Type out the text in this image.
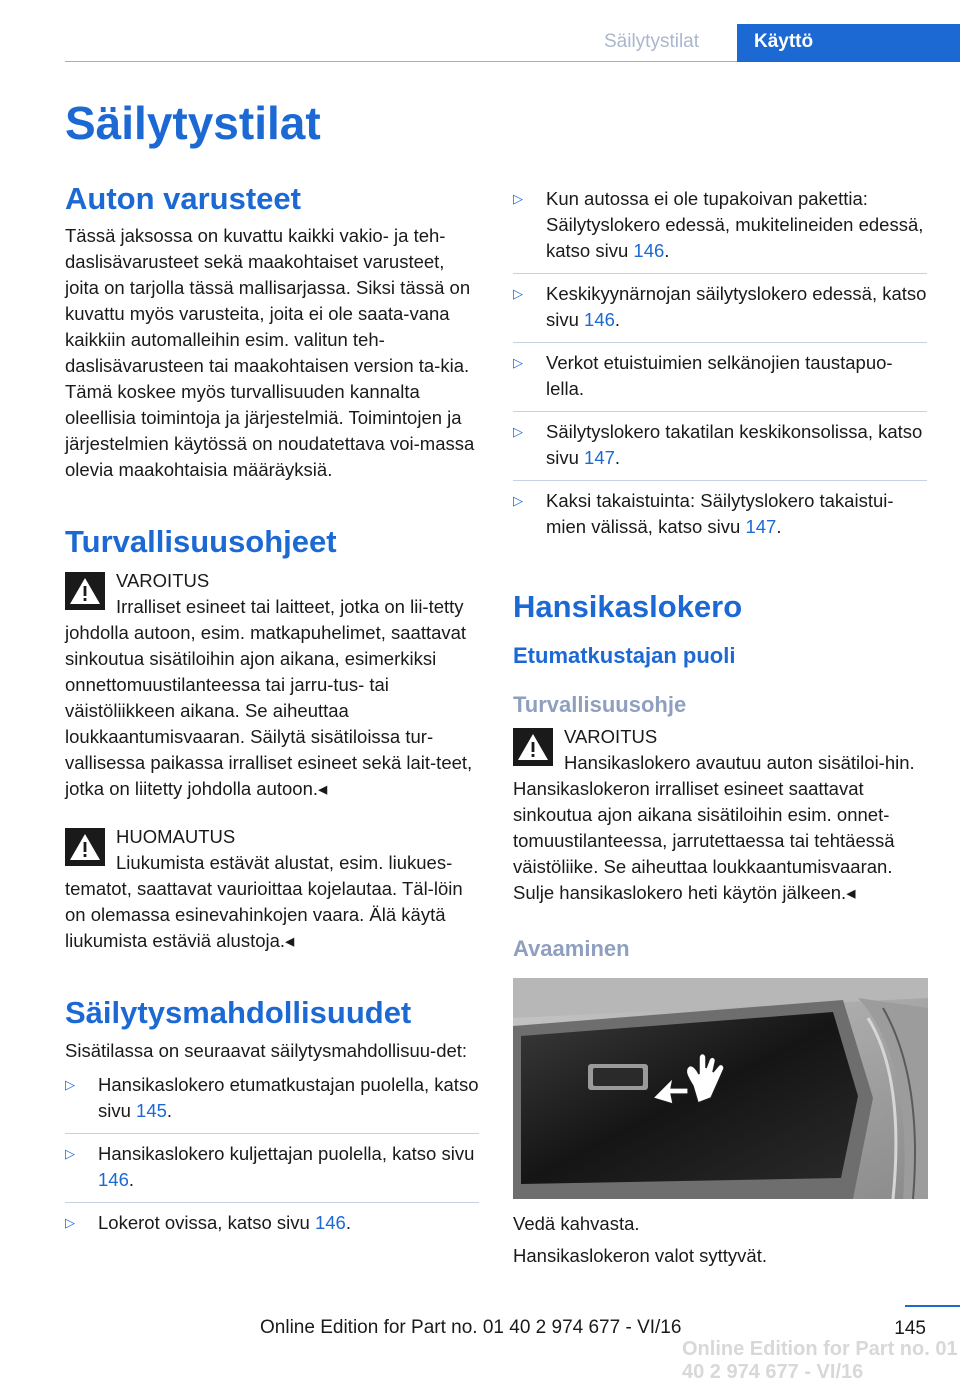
Säilytystilat	Käyttö
Säilytystilat
Auton varusteet

Tässä jaksossa on kuvattu kaikki vakio- ja teh-daslisävarusteet sekä maakohtaiset varusteet, joita on tarjolla tässä mallisarjassa. Siksi tässä on kuvattu myös varusteita, joita ei ole saata-vana kaikkiin automalleihin esim. valitun teh-daslisävarusteen tai maakohtaisen version ta-kia. Tämä koskee myös turvallisuuden kannalta oleellisia toimintoja ja järjestelmiä. Toimintojen ja järjestelmien käytössä on noudatettava voi-massa olevia maakohtaisia määräyksiä.

Turvallisuusohjeet
VAROITUS
Irralliset esineet tai laitteet, jotka on lii-tetty johdolla autoon, esim. matkapuhelimet, saattavat sinkoutua sisätiloihin ajon aikana, esimerkiksi onnettomuustilanteessa tai jarru-tus- tai väistöliikkeen aikana. Se aiheuttaa loukkaantumisvaaran. Säilytä sisätiloissa tur-vallisessa paikassa irralliset esineet sekä lait-teet, jotka on liitetty johdolla autoon.◂
HUOMAUTUS
Liukumista estävät alustat, esim. liukues-tematot, saattavat vaurioittaa kojelautaa. Täl-löin on olemassa esinevahinkojen vaara. Älä käytä liukumista estäviä alustoja.◂
Säilytysmahdollisuudet

Sisätilassa on seuraavat säilytysmahdollisuu-det:

▷	Hansikaslokero etumatkustajan puolella, katso sivu 145.
▷	Hansikaslokero kuljettajan puolella, katso sivu 146.
▷	Lokerot ovissa, katso sivu 146.
▷	Kun autossa ei ole tupakoivan pakettia: Säilytyslokero edessä, mukitelineiden edessä, katso sivu 146.
▷	Keskikyynärnojan säilytyslokero edessä, katso sivu 146.
▷	Verkot etuistuimien selkänojien taustapuo-lella.
▷	Säilytyslokero takatilan keskikonsolissa, katso sivu 147.
▷	Kaksi takaistuinta: Säilytyslokero takaistui-mien välissä, katso sivu 147.
Hansikaslokero
Etumatkustajan puoli
Turvallisuusohje
VAROITUS
Hansikaslokero avautuu auton sisätiloi-hin. Hansikaslokeron irralliset esineet saattavat sinkoutua ajon aikana sisätiloihin esim. onnet-tomuustilanteessa, jarrutettaessa tai tehtäessä väistöliike. Se aiheuttaa loukkaantumisvaaran. Sulje hansikaslokero heti käytön jälkeen.◂
Avaaminen

Vedä kahvasta.

Hansikaslokeron valot syttyvät.

145
Online Edition for Part no. 01 40 2 974 677 - VI/16
Online Edition for Part no. 01 40 2 974 677 - VI/16
